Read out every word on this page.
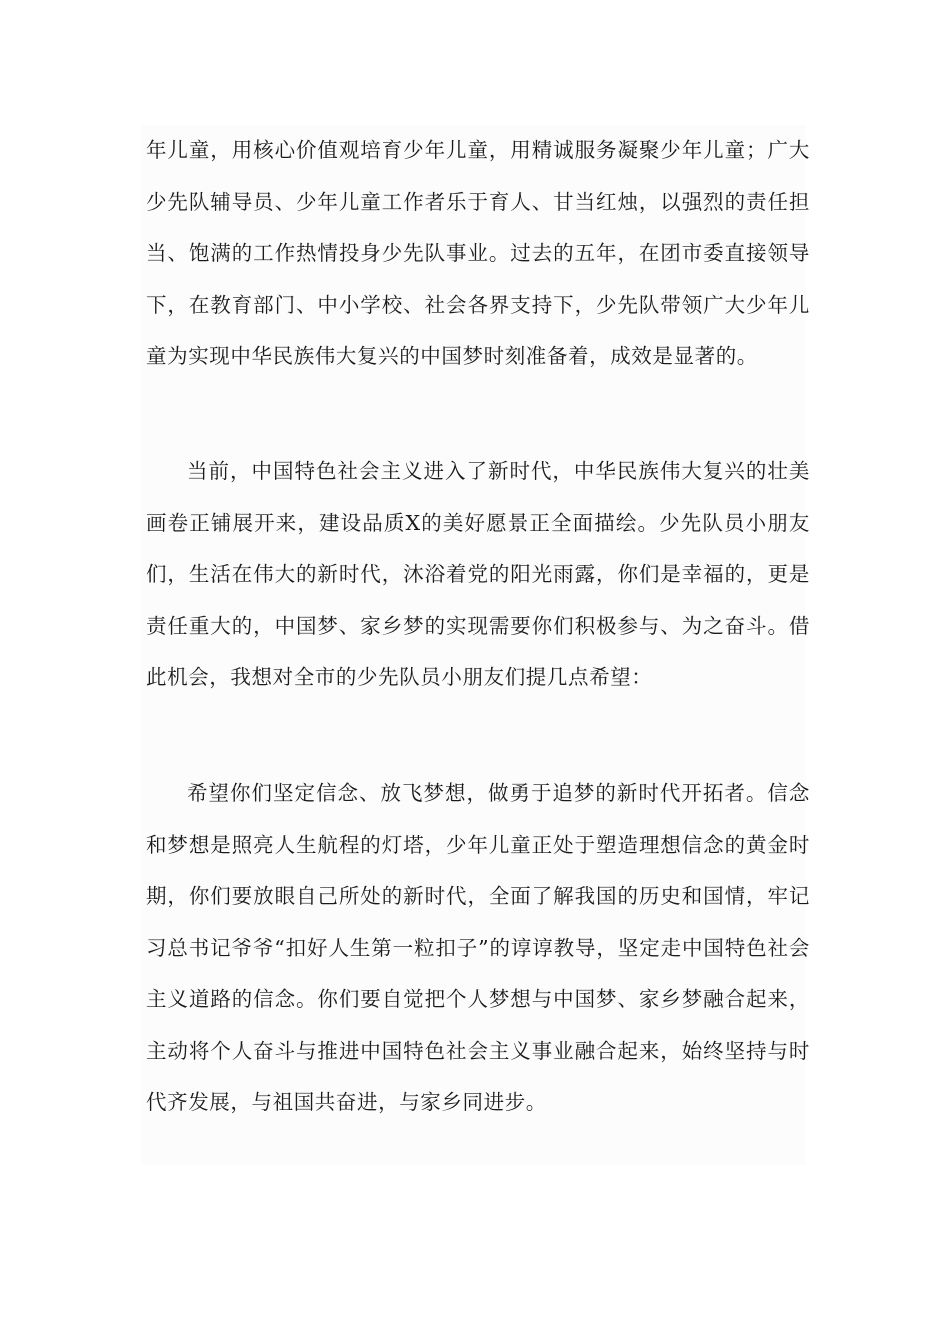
年儿童，用核心价值观培育少年儿童，用精诚服务凝聚少年儿童；广大少先队辅导员、少年儿童工作者乐于育人、甘当红烛，以强烈的责任担当、饱满的工作热情投身少先队事业。过去的五年，在团市委直接领导下，在教育部门、中小学校、社会各界支持下，少先队带领广大少年儿童为实现中华民族伟大复兴的中国梦时刻准备着，成效是显著的。

当前，中国特色社会主义进入了新时代，中华民族伟大复兴的壮美画卷正铺展开来，建设品质X的美好愿景正全面描绘。少先队员小朋友们，生活在伟大的新时代，沐浴着党的阳光雨露，你们是幸福的，更是责任重大的，中国梦、家乡梦的实现需要你们积极参与、为之奋斗。借此机会，我想对全市的少先队员小朋友们提几点希望：

希望你们坚定信念、放飞梦想，做勇于追梦的新时代开拓者。信念和梦想是照亮人生航程的灯塔，少年儿童正处于塑造理想信念的黄金时期，你们要放眼自己所处的新时代，全面了解我国的历史和国情，牢记习总书记爷爷“扣好人生第一粒扣子”的谆谆教导，坚定走中国特色社会主义道路的信念。你们要自觉把个人梦想与中国梦、家乡梦融合起来，主动将个人奋斗与推进中国特色社会主义事业融合起来，始终坚持与时代齐发展，与祖国共奋进，与家乡同进步。
